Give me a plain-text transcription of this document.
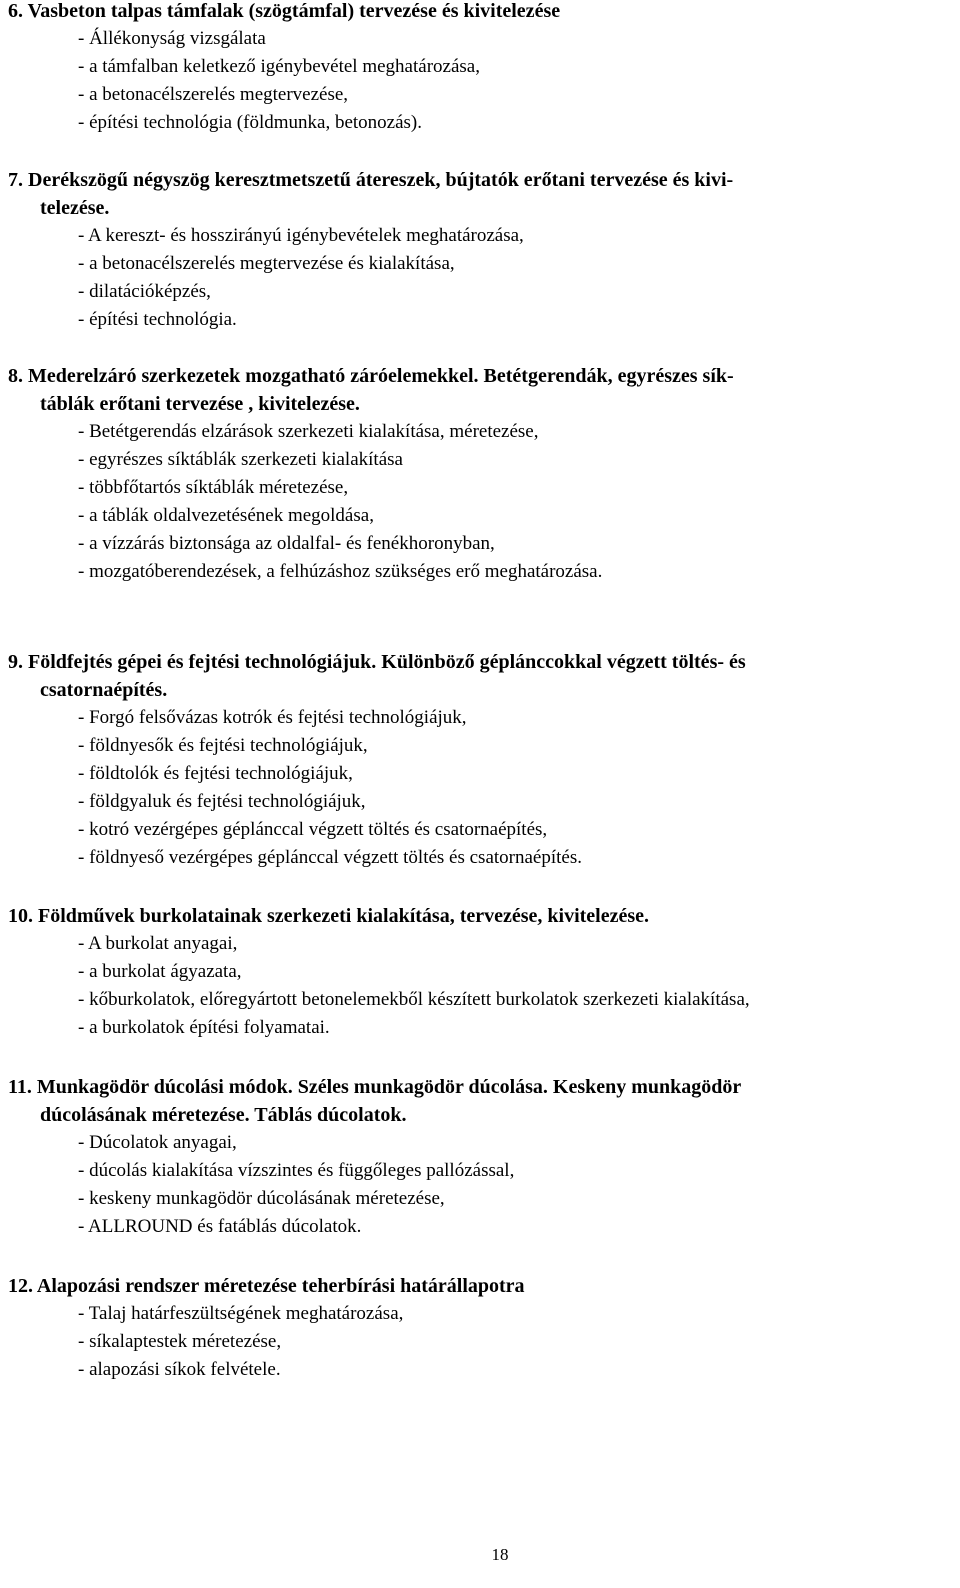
6. Vasbeton talpas támfalak (szögtámfal) tervezése és kivitelezése
- Állékonyság vizsgálata
- a támfalban keletkező igénybevétel meghatározása,
- a betonacélszerelés megtervezése,
- építési technológia (földmunka, betonozás).
7. Derékszögű négyszög keresztmetszetű átereszek, bújtatók erőtani tervezése és kivi-
telezése.
- A kereszt- és hosszirányú igénybevételek meghatározása,
- a betonacélszerelés megtervezése és kialakítása,
- dilatációképzés,
- építési technológia.
8. Mederelzáró szerkezetek mozgatható záróelemekkel. Betétgerendák, egyrészes sík-
táblák erőtani tervezése , kivitelezése.
- Betétgerendás elzárások szerkezeti kialakítása, méretezése,
- egyrészes síktáblák szerkezeti kialakítása
- többfőtartós síktáblák méretezése,
- a táblák oldalvezetésének megoldása,
- a vízzárás biztonsága az oldalfal- és fenékhoronyban,
- mozgatóberendezések, a felhúzáshoz szükséges erő meghatározása.
9. Földfejtés gépei és fejtési technológiájuk. Különböző géplánccokkal végzett töltés- és
csatornaépítés.
- Forgó felsővázas kotrók és fejtési technológiájuk,
- földnyesők és fejtési technológiájuk,
- földtolók és fejtési technológiájuk,
- földgyaluk és fejtési technológiájuk,
- kotró vezérgépes géplánccal végzett töltés és csatornaépítés,
- földnyeső vezérgépes géplánccal végzett töltés és csatornaépítés.
10. Földművek burkolatainak szerkezeti kialakítása, tervezése, kivitelezése.
- A burkolat anyagai,
- a burkolat ágyazata,
- kőburkolatok, előregyártott betonelemekből készített burkolatok szerkezeti kialakítása,
- a burkolatok építési folyamatai.
11. Munkagödör dúcolási módok. Széles munkagödör dúcolása. Keskeny munkagödör
dúcolásának méretezése. Táblás dúcolatok.
- Dúcolatok anyagai,
- dúcolás kialakítása vízszintes és függőleges pallózással,
- keskeny munkagödör dúcolásának méretezése,
- ALLROUND és fatáblás dúcolatok.
12. Alapozási rendszer méretezése teherbírási határállapotra
- Talaj határfeszültségének meghatározása,
- síkalaptestek méretezése,
- alapozási síkok felvétele.
18
